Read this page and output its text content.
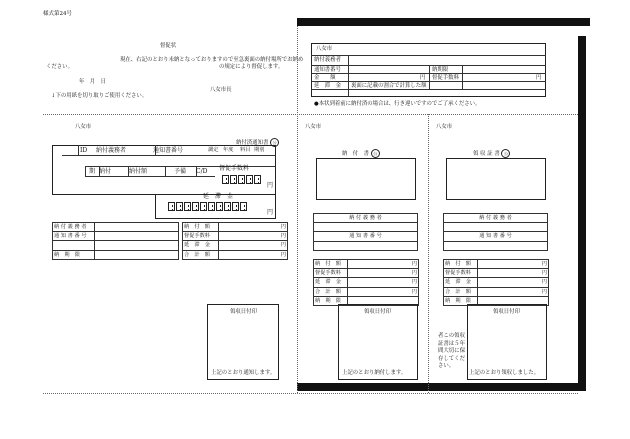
様式第24号
督促状
現在、右記のとおり未納となっておりますので至急裏面の納付場所でお納め
ください。	の規定により督促します。
年　月　日
八女市長
↓下の用紙を切り取りご使用ください。
八女市
納付義務者
通知書番号	納期限
金　　額	円 督促手数料	円
延　滞　金 裏面に記載の割合で計算した額
●本状到着前に納付済の場合は、行き違いですのでご了承ください。
八女市
納付済通知書 公
ID 納付義務者	通知書番号	調定 年度 料目 期別
期 納付	納付額	予備 C/D 督促手数料
円
延　滞　金
円
納 付 義 務 者	
通 知 書 番 号	

納　期　限	
納　付　額	円
督促手数料	円
延　滞　金	円
合　計　額	円
領収日付印
上記のとおり通知します。
八女市
納　付　書 公
納 付 義 務 者

通 知 書 番 号

納　付　額	円
督促手数料	円
延　滞　金	円
合　計　額	円
納　期　限	
領収日付印
上記のとおり納付します。
八女市
領 収 証 書 公
納 付 義 務 者

通 知 書 番 号

納　付　額	円
督促手数料	円
延　滞　金	円
合　計　額	円
納　期　限	
者この領収
証書は５年
間大切に保
存してくだ
さい。
領収日付印
上記のとおり領収しました。
